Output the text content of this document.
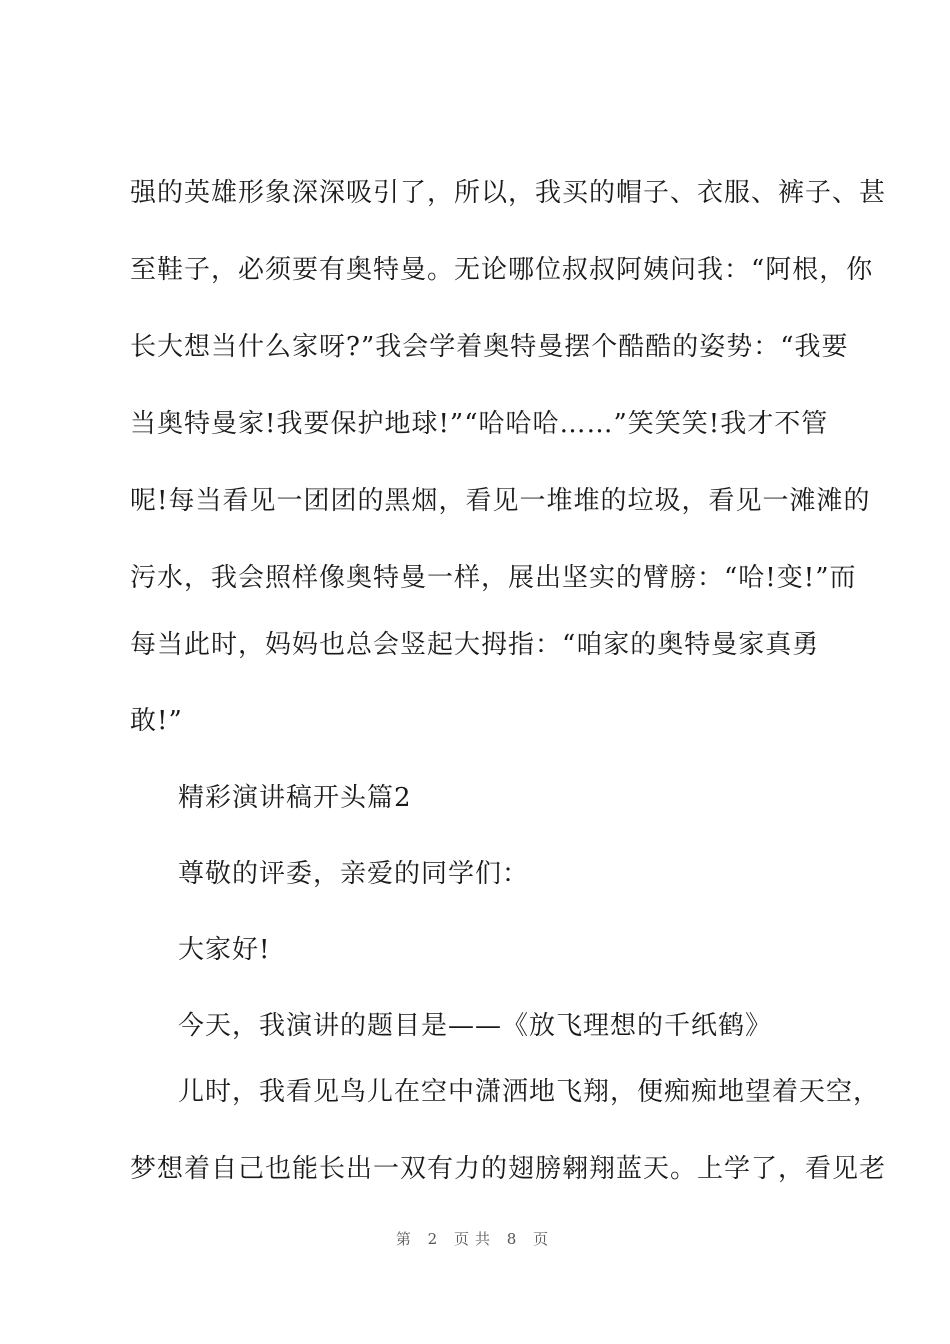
强的英雄形象深深吸引了，所以，我买的帽子、衣服、裤子、甚
至鞋子，必须要有奥特曼。无论哪位叔叔阿姨问我：“阿根，你
长大想当什么家呀?”我会学着奥特曼摆个酷酷的姿势：“我要
当奥特曼家!我要保护地球!”“哈哈哈……”笑笑笑!我才不管
呢!每当看见一团团的黑烟，看见一堆堆的垃圾，看见一滩滩的
污水，我会照样像奥特曼一样，展出坚实的臂膀：“哈!变!”而
每当此时，妈妈也总会竖起大拇指：“咱家的奥特曼家真勇
敢!”
精彩演讲稿开头篇2
尊敬的评委，亲爱的同学们：
大家好!
今天，我演讲的题目是——《放飞理想的千纸鹤》
儿时，我看见鸟儿在空中潇洒地飞翔，便痴痴地望着天空，
梦想着自己也能长出一双有力的翅膀翱翔蓝天。上学了，看见老
第 2 页共 8 页
